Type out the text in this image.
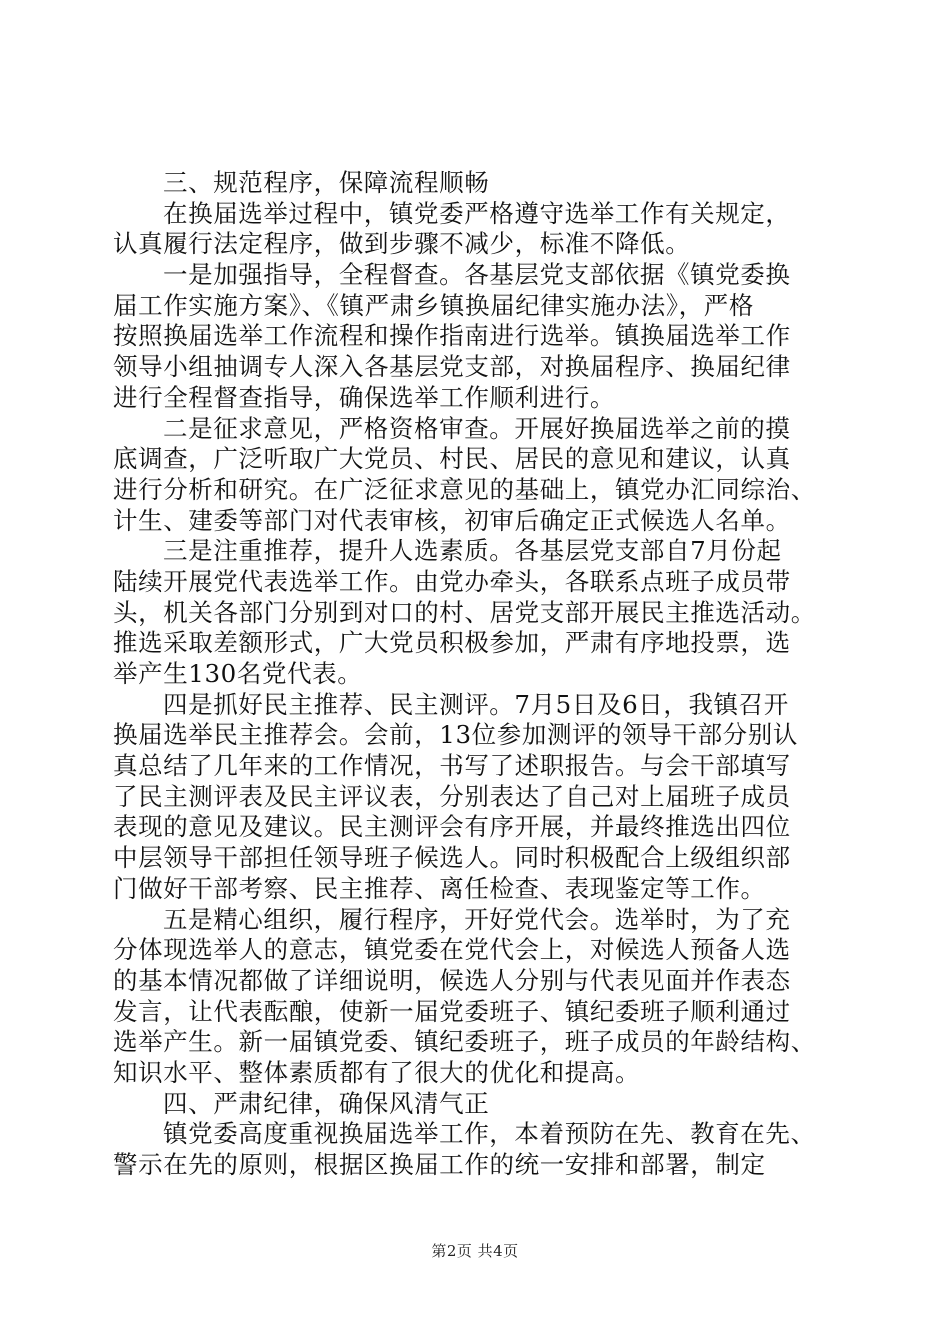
三、规范程序，保障流程顺畅
在换届选举过程中，镇党委严格遵守选举工作有关规定，
认真履行法定程序，做到步骤不减少，标准不降低。
一是加强指导，全程督查。各基层党支部依据《镇党委换
届工作实施方案》、《镇严肃乡镇换届纪律实施办法》，严格
按照换届选举工作流程和操作指南进行选举。镇换届选举工作
领导小组抽调专人深入各基层党支部，对换届程序、换届纪律
进行全程督查指导，确保选举工作顺利进行。
二是征求意见，严格资格审查。开展好换届选举之前的摸
底调查，广泛听取广大党员、村民、居民的意见和建议，认真
进行分析和研究。在广泛征求意见的基础上，镇党办汇同综治、
计生、建委等部门对代表审核，初审后确定正式候选人名单。
三是注重推荐，提升人选素质。各基层党支部自7月份起
陆续开展党代表选举工作。由党办牵头，各联系点班子成员带
头，机关各部门分别到对口的村、居党支部开展民主推选活动。
推选采取差额形式，广大党员积极参加，严肃有序地投票，选
举产生130名党代表。
四是抓好民主推荐、民主测评。7月5日及6日，我镇召开
换届选举民主推荐会。会前，13位参加测评的领导干部分别认
真总结了几年来的工作情况，书写了述职报告。与会干部填写
了民主测评表及民主评议表，分别表达了自己对上届班子成员
表现的意见及建议。民主测评会有序开展，并最终推选出四位
中层领导干部担任领导班子候选人。同时积极配合上级组织部
门做好干部考察、民主推荐、离任检查、表现鉴定等工作。
五是精心组织，履行程序，开好党代会。选举时，为了充
分体现选举人的意志，镇党委在党代会上，对候选人预备人选
的基本情况都做了详细说明，候选人分别与代表见面并作表态
发言，让代表酝酿，使新一届党委班子、镇纪委班子顺利通过
选举产生。新一届镇党委、镇纪委班子，班子成员的年龄结构、
知识水平、整体素质都有了很大的优化和提高。
四、严肃纪律，确保风清气正
镇党委高度重视换届选举工作，本着预防在先、教育在先、
警示在先的原则，根据区换届工作的统一安排和部署，制定
第2页 共4页
